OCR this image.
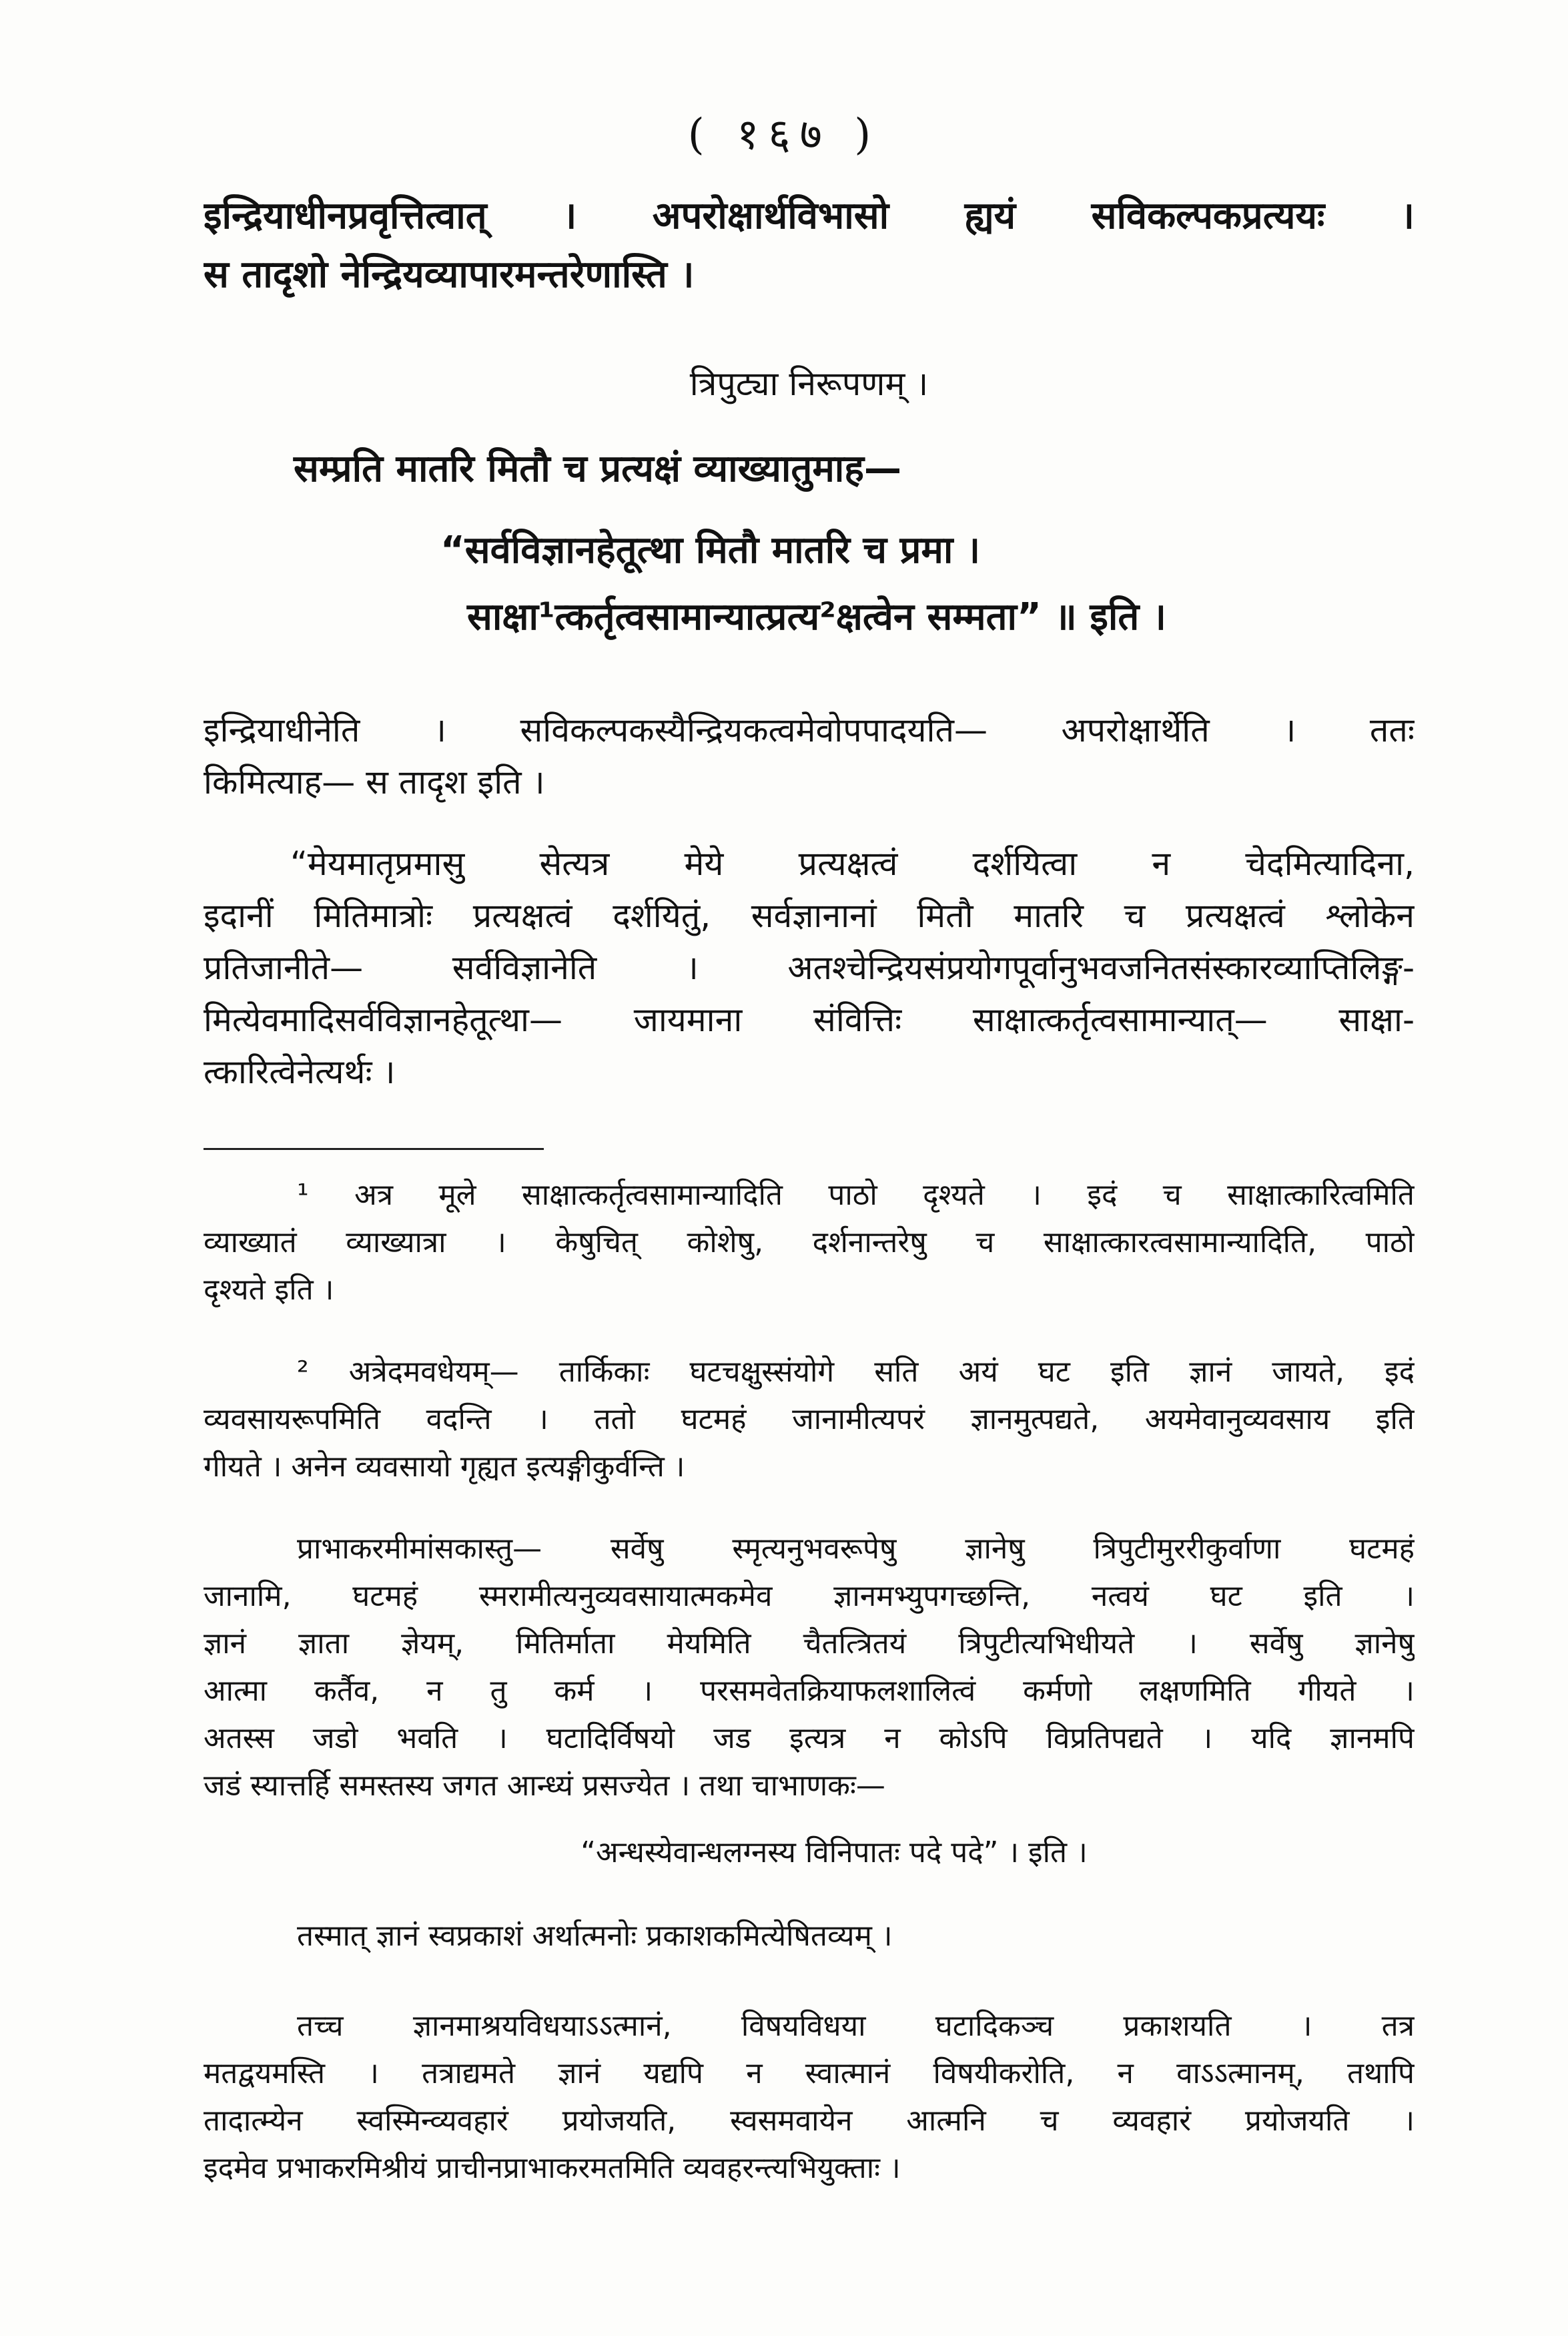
( १६७ )
इन्द्रियाधीनप्रवृत्तित्वात् । अपरोक्षार्थविभासो ह्ययं सविकल्पकप्रत्ययः ।
स तादृशो नेन्द्रियव्यापारमन्तरेणास्ति ।
त्रिपुट्या निरूपणम् ।
सम्प्रति मातरि मितौ च प्रत्यक्षं व्याख्यातुमाह—
“सर्वविज्ञानहेतूत्था मितौ मातरि च प्रमा ।
साक्षा¹त्कर्तृत्वसामान्यात्प्रत्य²क्षत्वेन सम्मता” ॥ इति ।
इन्द्रियाधीनेति । सविकल्पकस्यैन्द्रियकत्वमेवोपपादयति— अपरोक्षार्थेति । ततः
किमित्याह— स तादृश इति ।
“मेयमातृप्रमासु सेत्यत्र मेये प्रत्यक्षत्वं दर्शयित्वा न चेदमित्यादिना,
इदानीं मितिमात्रोः प्रत्यक्षत्वं दर्शयितुं, सर्वज्ञानानां मितौ मातरि च प्रत्यक्षत्वं श्लोकेन
प्रतिजानीते— सर्वविज्ञानेति । अतश्चेन्द्रियसंप्रयोगपूर्वानुभवजनितसंस्कारव्याप्तिलिङ्ग-
मित्येवमादिसर्वविज्ञानहेतूत्था— जायमाना संवित्तिः साक्षात्कर्तृत्वसामान्यात्— साक्षा-
त्कारित्वेनेत्यर्थः ।
¹ अत्र मूले साक्षात्कर्तृत्वसामान्यादिति पाठो दृश्यते । इदं च साक्षात्कारित्वमिति
व्याख्यातं व्याख्यात्रा । केषुचित् कोशेषु, दर्शनान्तरेषु च साक्षात्कारत्वसामान्यादिति, पाठो
दृश्यते इति ।
² अत्रेदमवधेयम्— तार्किकाः घटचक्षुस्संयोगे सति अयं घट इति ज्ञानं जायते, इदं
व्यवसायरूपमिति वदन्ति । ततो घटमहं जानामीत्यपरं ज्ञानमुत्पद्यते, अयमेवानुव्यवसाय इति
गीयते । अनेन व्यवसायो गृह्यत इत्यङ्गीकुर्वन्ति ।
प्राभाकरमीमांसकास्तु— सर्वेषु स्मृत्यनुभवरूपेषु ज्ञानेषु त्रिपुटीमुररीकुर्वाणा घटमहं
जानामि, घटमहं स्मरामीत्यनुव्यवसायात्मकमेव ज्ञानमभ्युपगच्छन्ति, नत्वयं घट इति ।
ज्ञानं ज्ञाता ज्ञेयम्, मितिर्माता मेयमिति चैतत्त्रितयं त्रिपुटीत्यभिधीयते । सर्वेषु ज्ञानेषु
आत्मा कर्तैव, न तु कर्म । परसमवेतक्रियाफलशालित्वं कर्मणो लक्षणमिति गीयते ।
अतस्स जडो भवति । घटादिर्विषयो जड इत्यत्र न कोऽपि विप्रतिपद्यते । यदि ज्ञानमपि
जडं स्यात्तर्हि समस्तस्य जगत आन्ध्यं प्रसज्येत । तथा चाभाणकः—
“अन्धस्येवान्धलग्नस्य विनिपातः पदे पदे” । इति ।
तस्मात् ज्ञानं स्वप्रकाशं अर्थात्मनोः प्रकाशकमित्येषितव्यम् ।
तच्च ज्ञानमाश्रयविधयाऽऽत्मानं, विषयविधया घटादिकञ्च प्रकाशयति । तत्र
मतद्वयमस्ति । तत्राद्यमते ज्ञानं यद्यपि न स्वात्मानं विषयीकरोति, न वाऽऽत्मानम्, तथापि
तादात्म्येन स्वस्मिन्व्यवहारं प्रयोजयति, स्वसमवायेन आत्मनि च व्यवहारं प्रयोजयति ।
इदमेव प्रभाकरमिश्रीयं प्राचीनप्राभाकरमतमिति व्यवहरन्त्यभियुक्ताः ।
